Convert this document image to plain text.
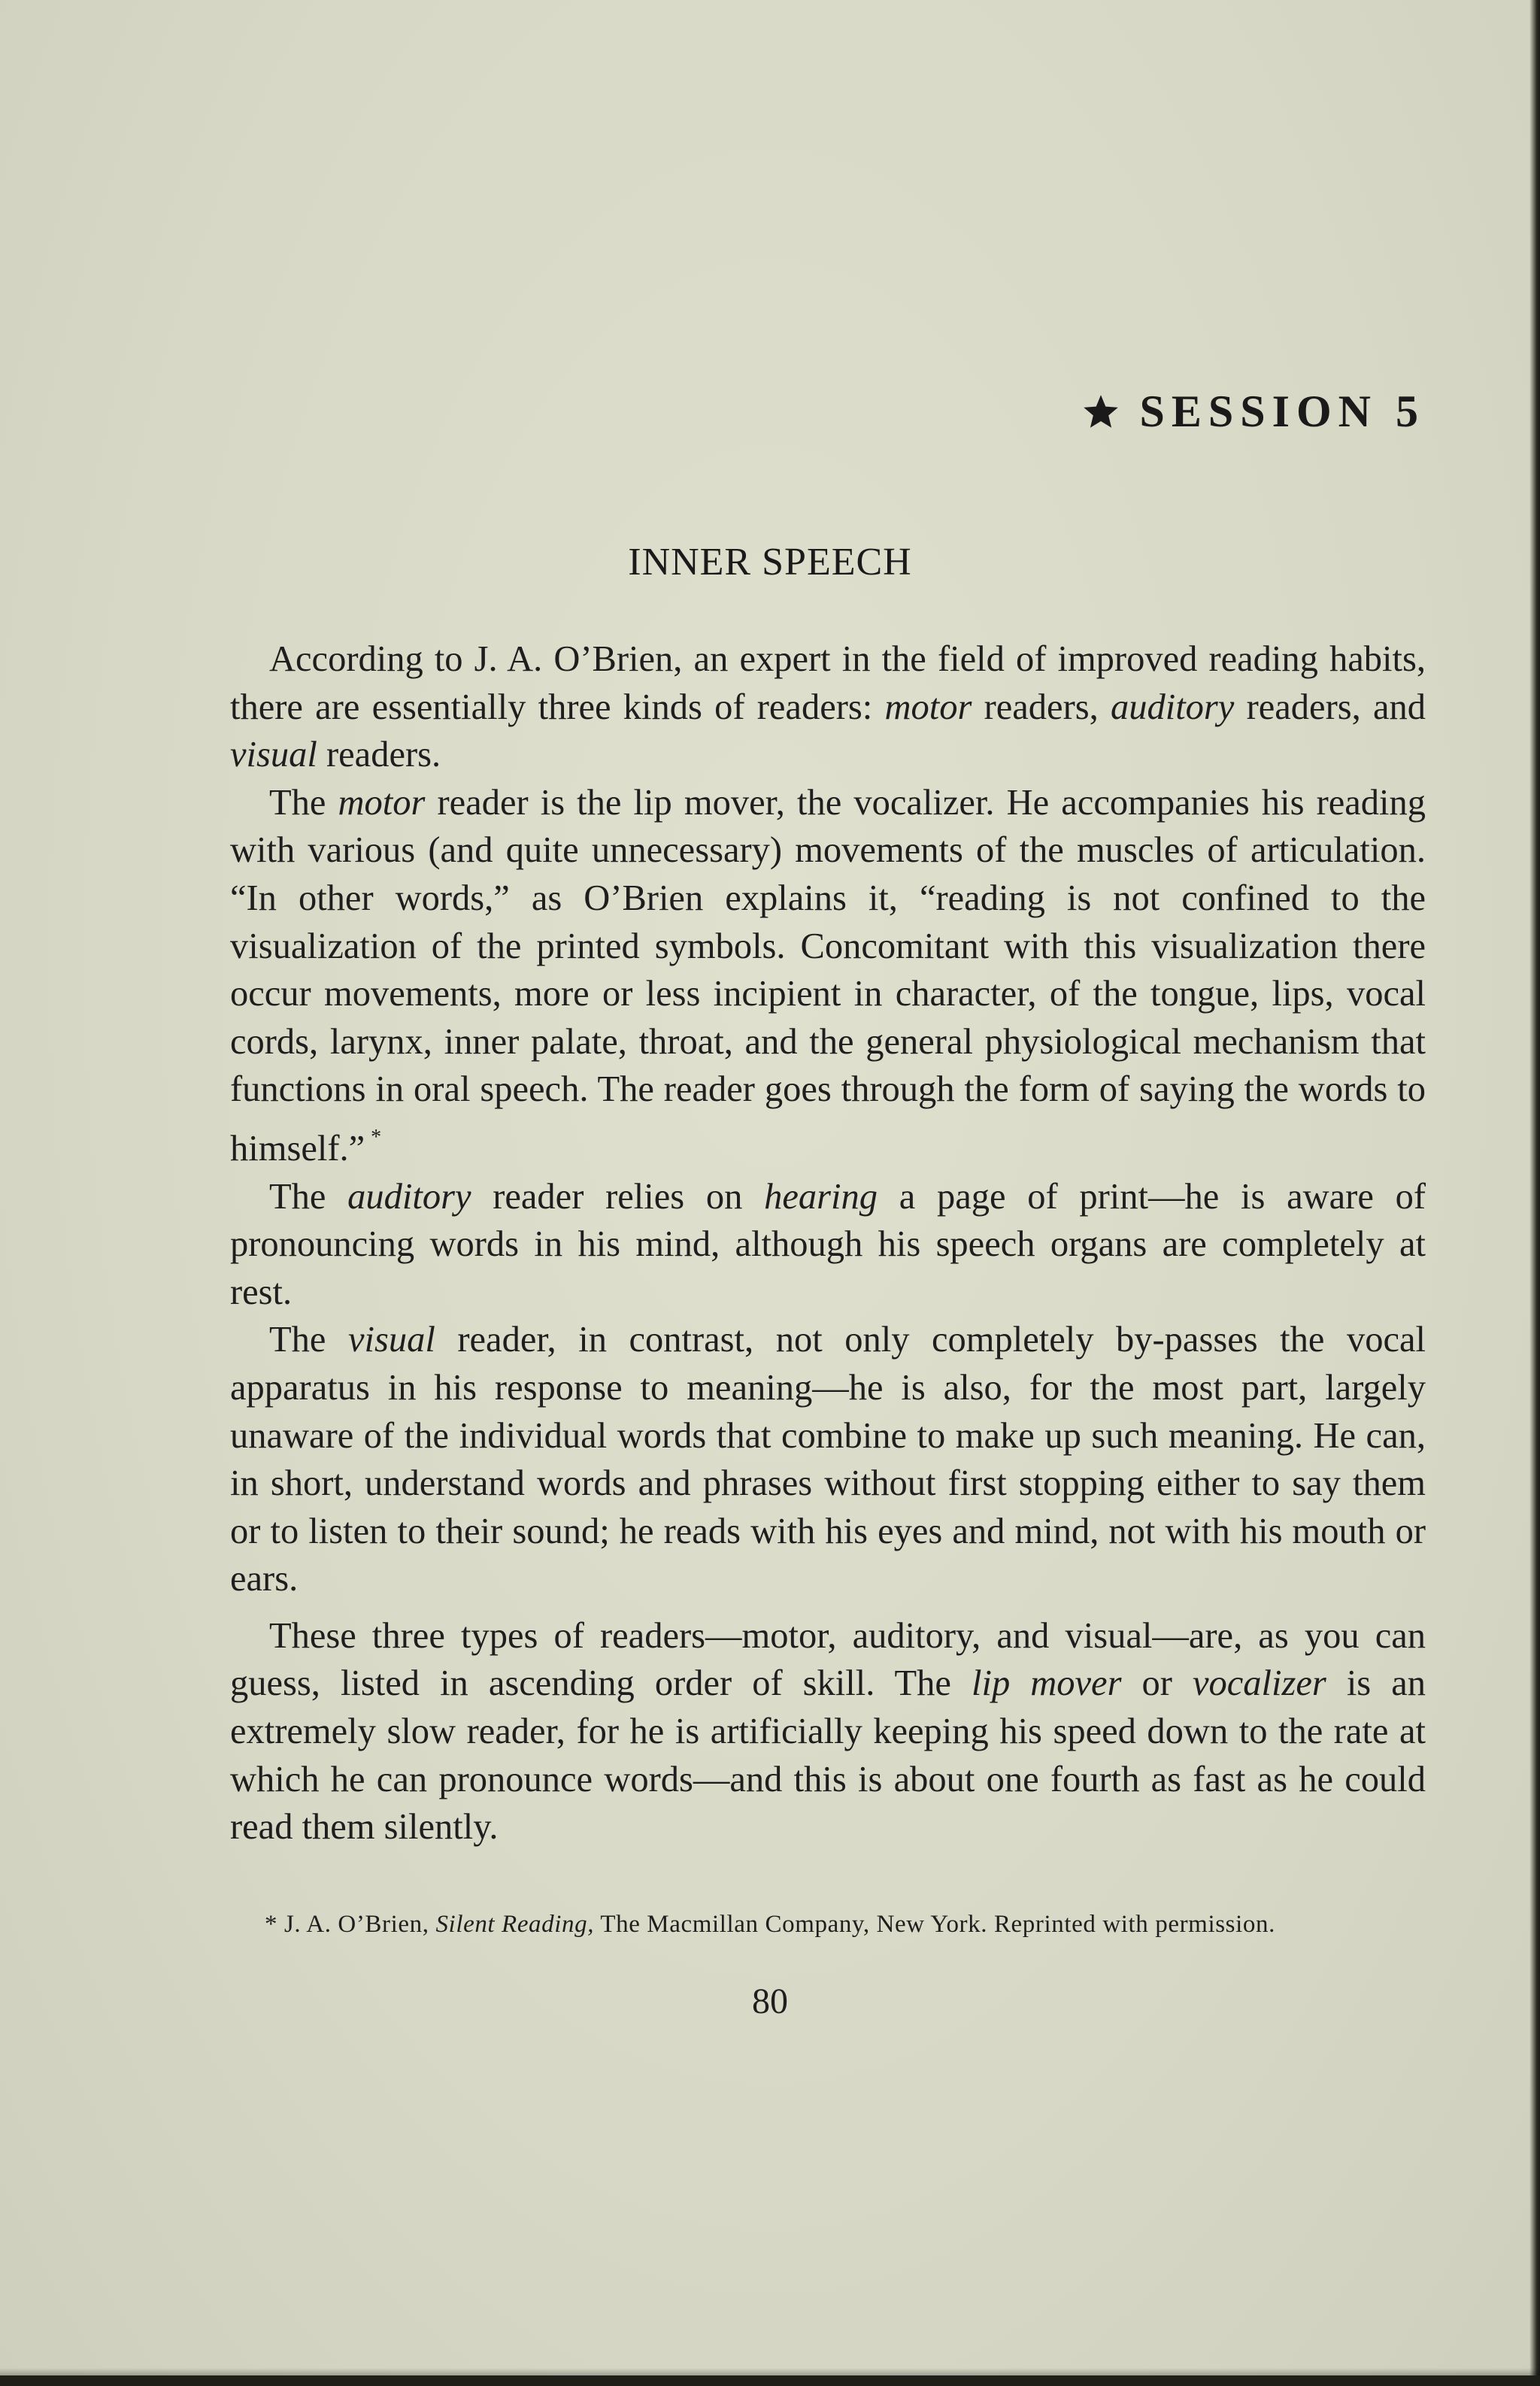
SESSION 5
INNER SPEECH

According to J. A. O’Brien, an expert in the field of improved reading habits, there are essentially three kinds of readers: motor readers, auditory readers, and visual readers.

The motor reader is the lip mover, the vocalizer. He accompanies his reading with various (and quite unnecessary) movements of the muscles of articulation. “In other words,” as O’Brien explains it, “reading is not confined to the visualization of the printed symbols. Concomitant with this visualization there occur movements, more or less incipient in character, of the tongue, lips, vocal cords, larynx, inner palate, throat, and the general physiological mechanism that functions in oral speech. The reader goes through the form of saying the words to himself.” *

The auditory reader relies on hearing a page of print—he is aware of pronouncing words in his mind, although his speech organs are completely at rest.

The visual reader, in contrast, not only completely by-passes the vocal apparatus in his response to meaning—he is also, for the most part, largely unaware of the individual words that combine to make up such meaning. He can, in short, understand words and phrases without first stopping either to say them or to listen to their sound; he reads with his eyes and mind, not with his mouth or ears.

These three types of readers—motor, auditory, and visual—are, as you can guess, listed in ascending order of skill. The lip mover or vocalizer is an extremely slow reader, for he is artificially keeping his speed down to the rate at which he can pronounce words—and this is about one fourth as fast as he could read them silently.

* J. A. O’Brien, Silent Reading, The Macmillan Company, New York. Reprinted with permission.
80
